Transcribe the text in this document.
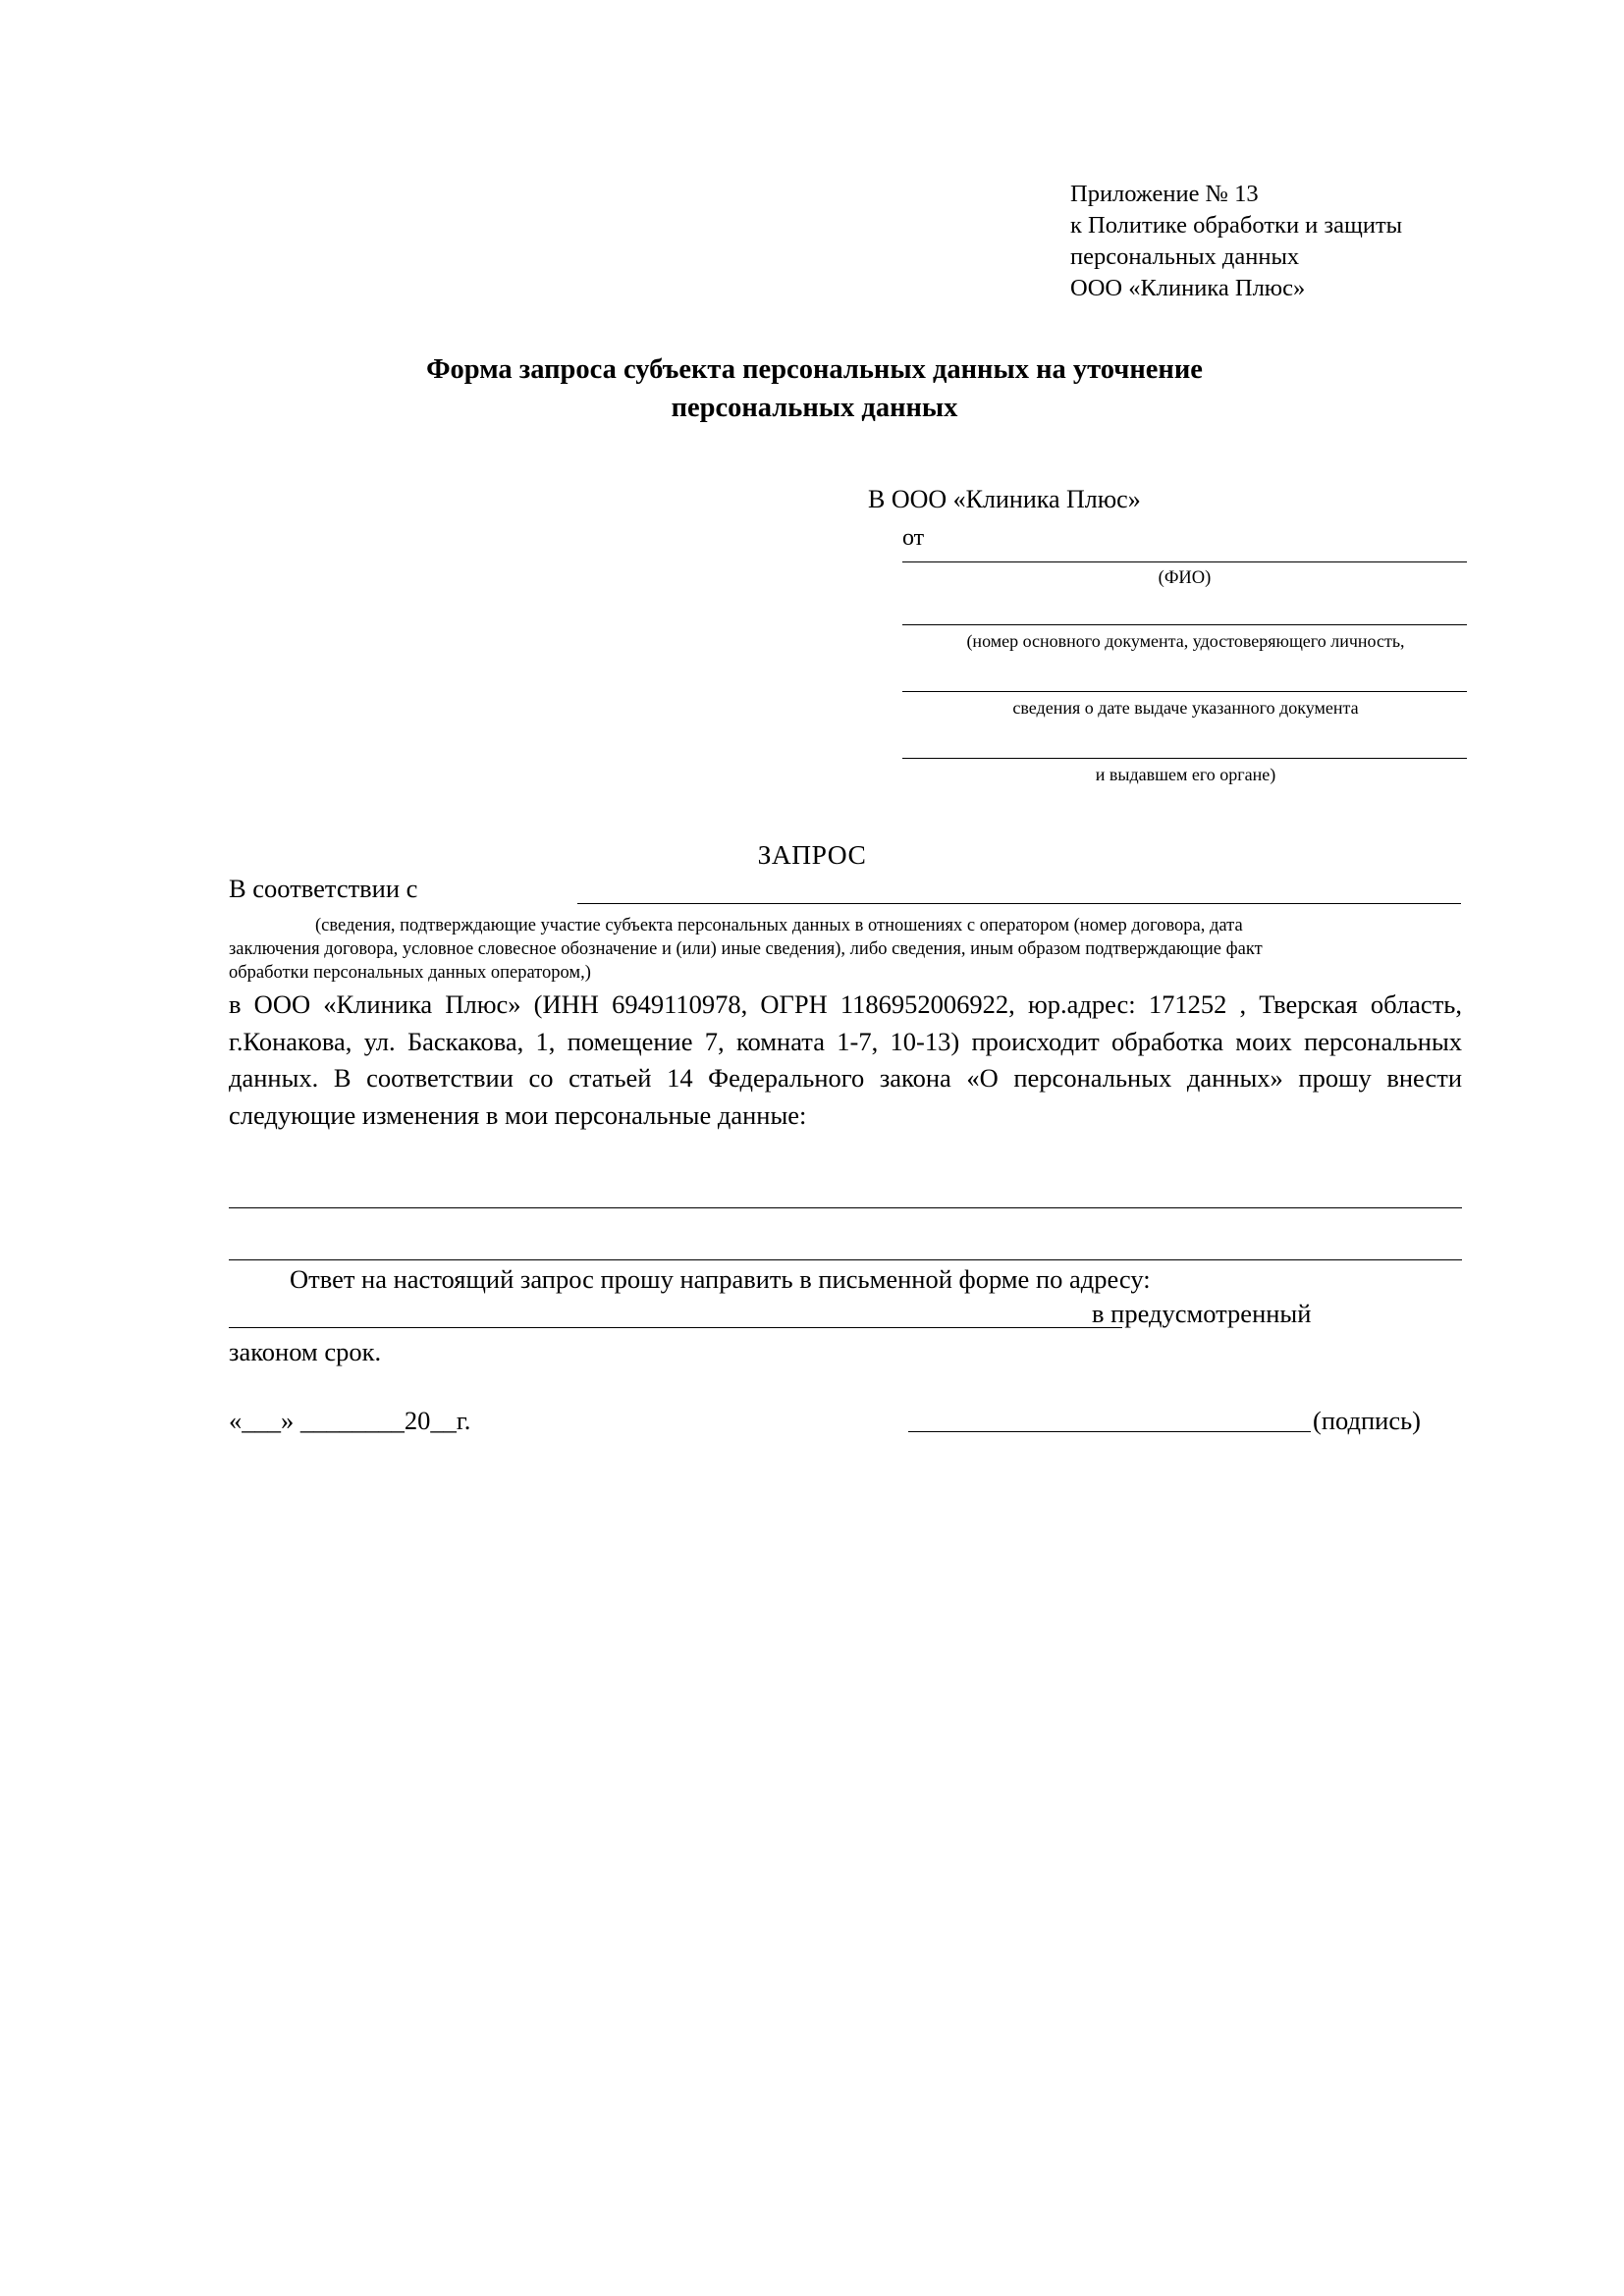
Приложение № 13
к Политике обработки и защиты
персональных данных
ООО «Клиника Плюс»
Форма запроса субъекта персональных данных на уточнение
персональных данных
В ООО «Клиника Плюс»
от
(ФИО)
(номер основного документа, удостоверяющего личность,
сведения о дате выдаче указанного документа
и выдавшем его органе)
ЗАПРОС
В соответствии с
(сведения, подтверждающие участие субъекта персональных данных в отношениях с оператором (номер договора, дата
заключения договора, условное словесное обозначение и (или) иные сведения), либо сведения, иным образом подтверждающие факт
обработки персональных данных оператором,)

в ООО «Клиника Плюс» (ИНН 6949110978, ОГРН 1186952006922, юр.адрес: 171252 , Тверская область, г.Конакова, ул. Баскакова, 1, помещение 7, комната 1-7, 10-13) происходит обработка моих персональных данных. В соответствии со статьей 14 Федерального закона «О персональных данных» прошу внести следующие изменения в мои персональные данные:

Ответ на настоящий запрос прошу направить в письменной форме по адресу:
в предусмотренный
законом срок.
«___» ________20__г.	(подпись)
